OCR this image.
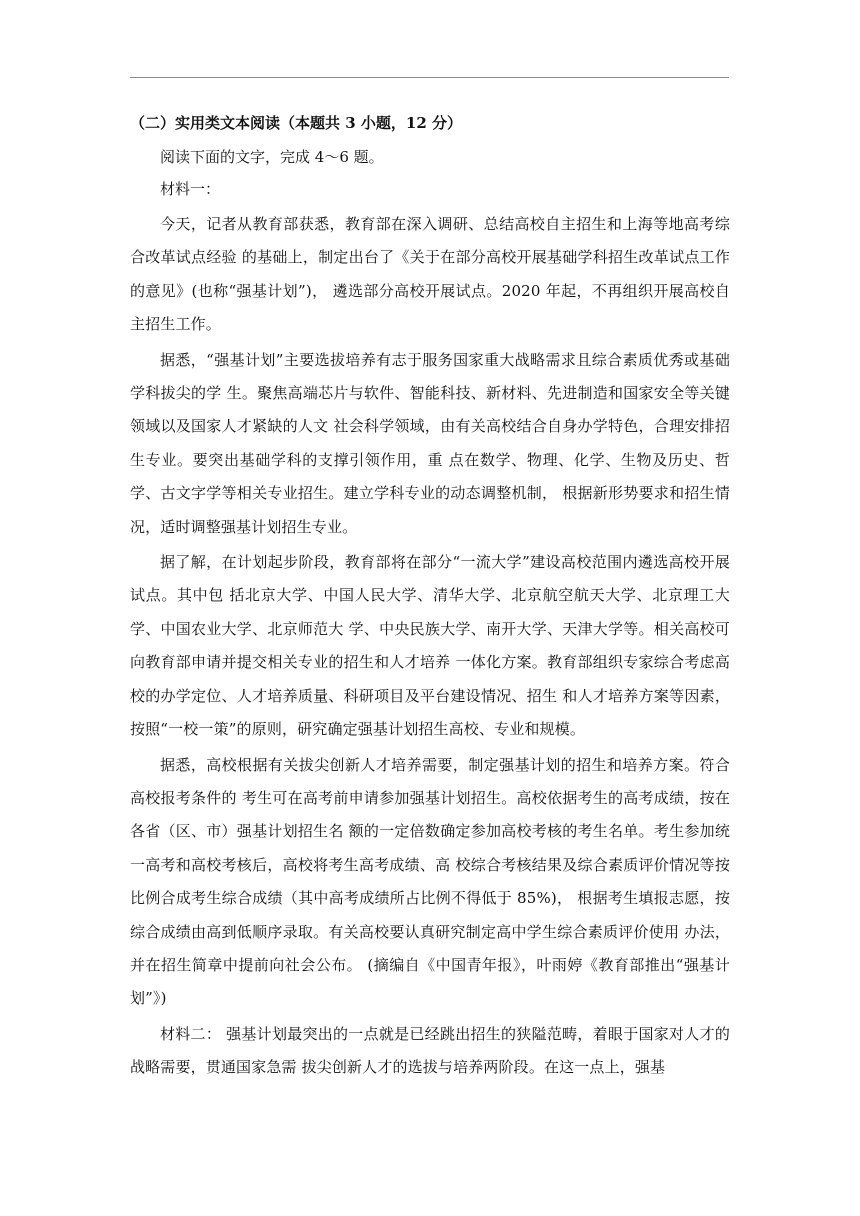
（二）实用类文本阅读（本题共 3 小题，12 分）

阅读下面的文字，完成 4～6 题。

材料一：

今天，记者从教育部获悉，教育部在深入调研、总结高校自主招生和上海等地高考综合改革试点经验 的基础上，制定出台了《关于在部分高校开展基础学科招生改革试点工作的意见》(也称“强基计划”)， 遴选部分高校开展试点。2020 年起，不再组织开展高校自主招生工作。

据悉，“强基计划”主要选拔培养有志于服务国家重大战略需求且综合素质优秀或基础学科拔尖的学 生。聚焦高端芯片与软件、智能科技、新材料、先进制造和国家安全等关键领域以及国家人才紧缺的人文 社会科学领域，由有关高校结合自身办学特色，合理安排招生专业。要突出基础学科的支撑引领作用，重 点在数学、物理、化学、生物及历史、哲学、古文字学等相关专业招生。建立学科专业的动态调整机制， 根据新形势要求和招生情况，适时调整强基计划招生专业。

据了解，在计划起步阶段，教育部将在部分“一流大学”建设高校范围内遴选高校开展试点。其中包 括北京大学、中国人民大学、清华大学、北京航空航天大学、北京理工大学、中国农业大学、北京师范大 学、中央民族大学、南开大学、天津大学等。相关高校可向教育部申请并提交相关专业的招生和人才培养 一体化方案。教育部组织专家综合考虑高校的办学定位、人才培养质量、科研项目及平台建设情况、招生 和人才培养方案等因素，按照“一校一策”的原则，研究确定强基计划招生高校、专业和规模。

据悉，高校根据有关拔尖创新人才培养需要，制定强基计划的招生和培养方案。符合高校报考条件的 考生可在高考前申请参加强基计划招生。高校依据考生的高考成绩，按在各省（区、市）强基计划招生名 额的一定倍数确定参加高校考核的考生名单。考生参加统一高考和高校考核后，高校将考生高考成绩、高 校综合考核结果及综合素质评价情况等按比例合成考生综合成绩（其中高考成绩所占比例不得低于 85%)， 根据考生填报志愿，按综合成绩由高到低顺序录取。有关高校要认真研究制定高中学生综合素质评价使用 办法，并在招生简章中提前向社会公布。 (摘编自《中国青年报》，叶雨婷《教育部推出“强基计划”》)

材料二： 强基计划最突出的一点就是已经跳出招生的狭隘范畴，着眼于国家对人才的战略需要，贯通国家急需 拔尖创新人才的选拔与培养两阶段。在这一点上，强基
